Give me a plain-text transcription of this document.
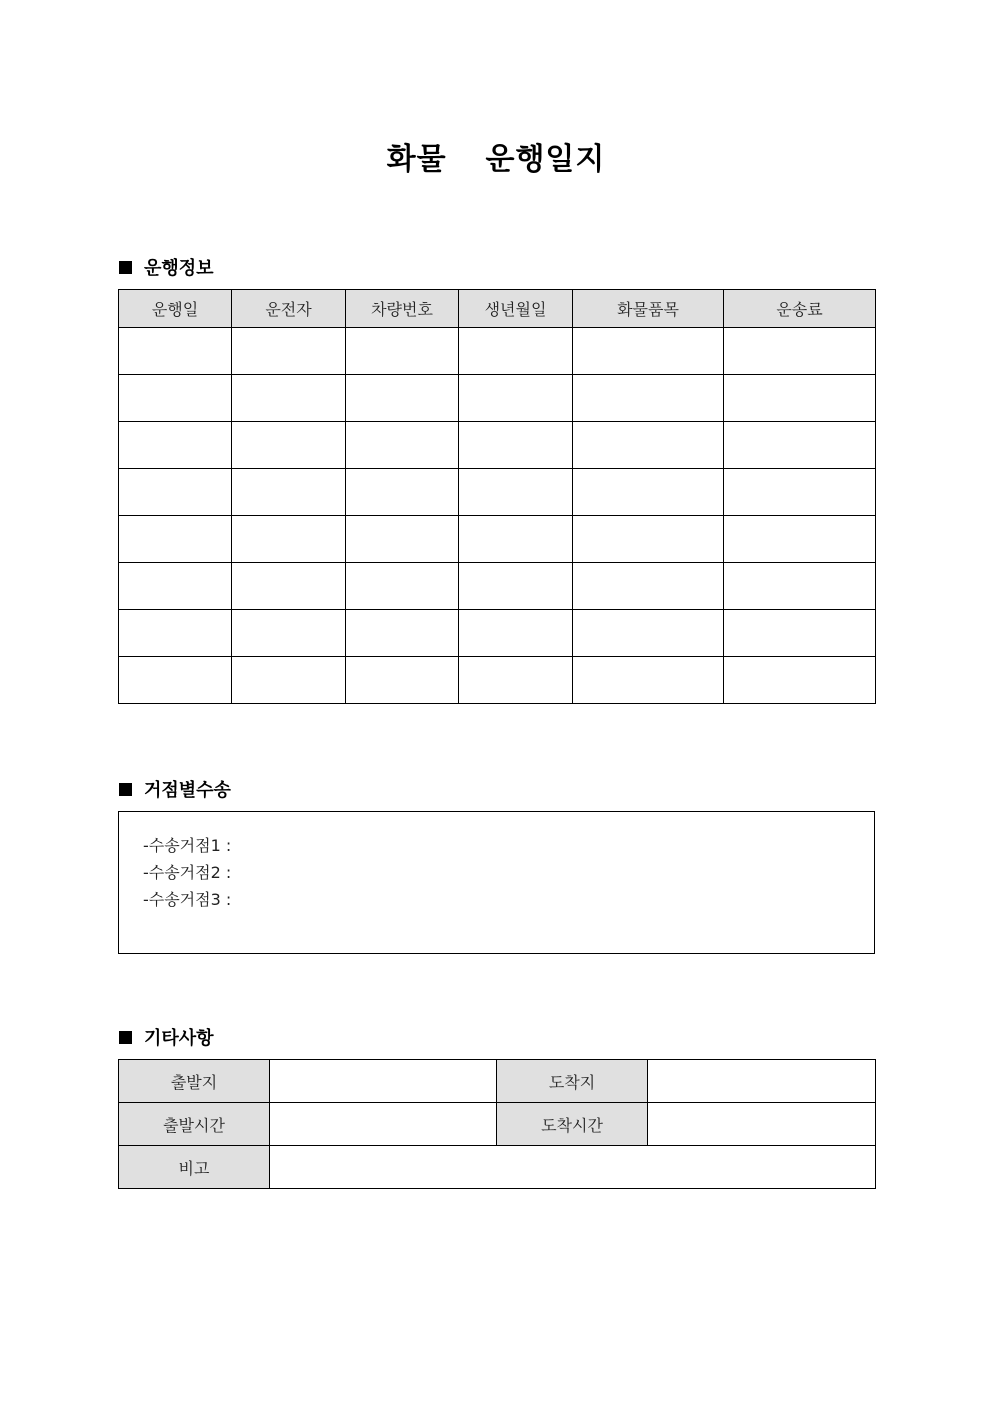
화물  운행일지
운행정보
운행일	운전자	차량번호	생년월일	화물품목	운송료

거점별수송
-수송거점1 :
-수송거점2 :
-수송거점3 :
기타사항
출발지		도착지	
출발시간		도착시간	
비고			
